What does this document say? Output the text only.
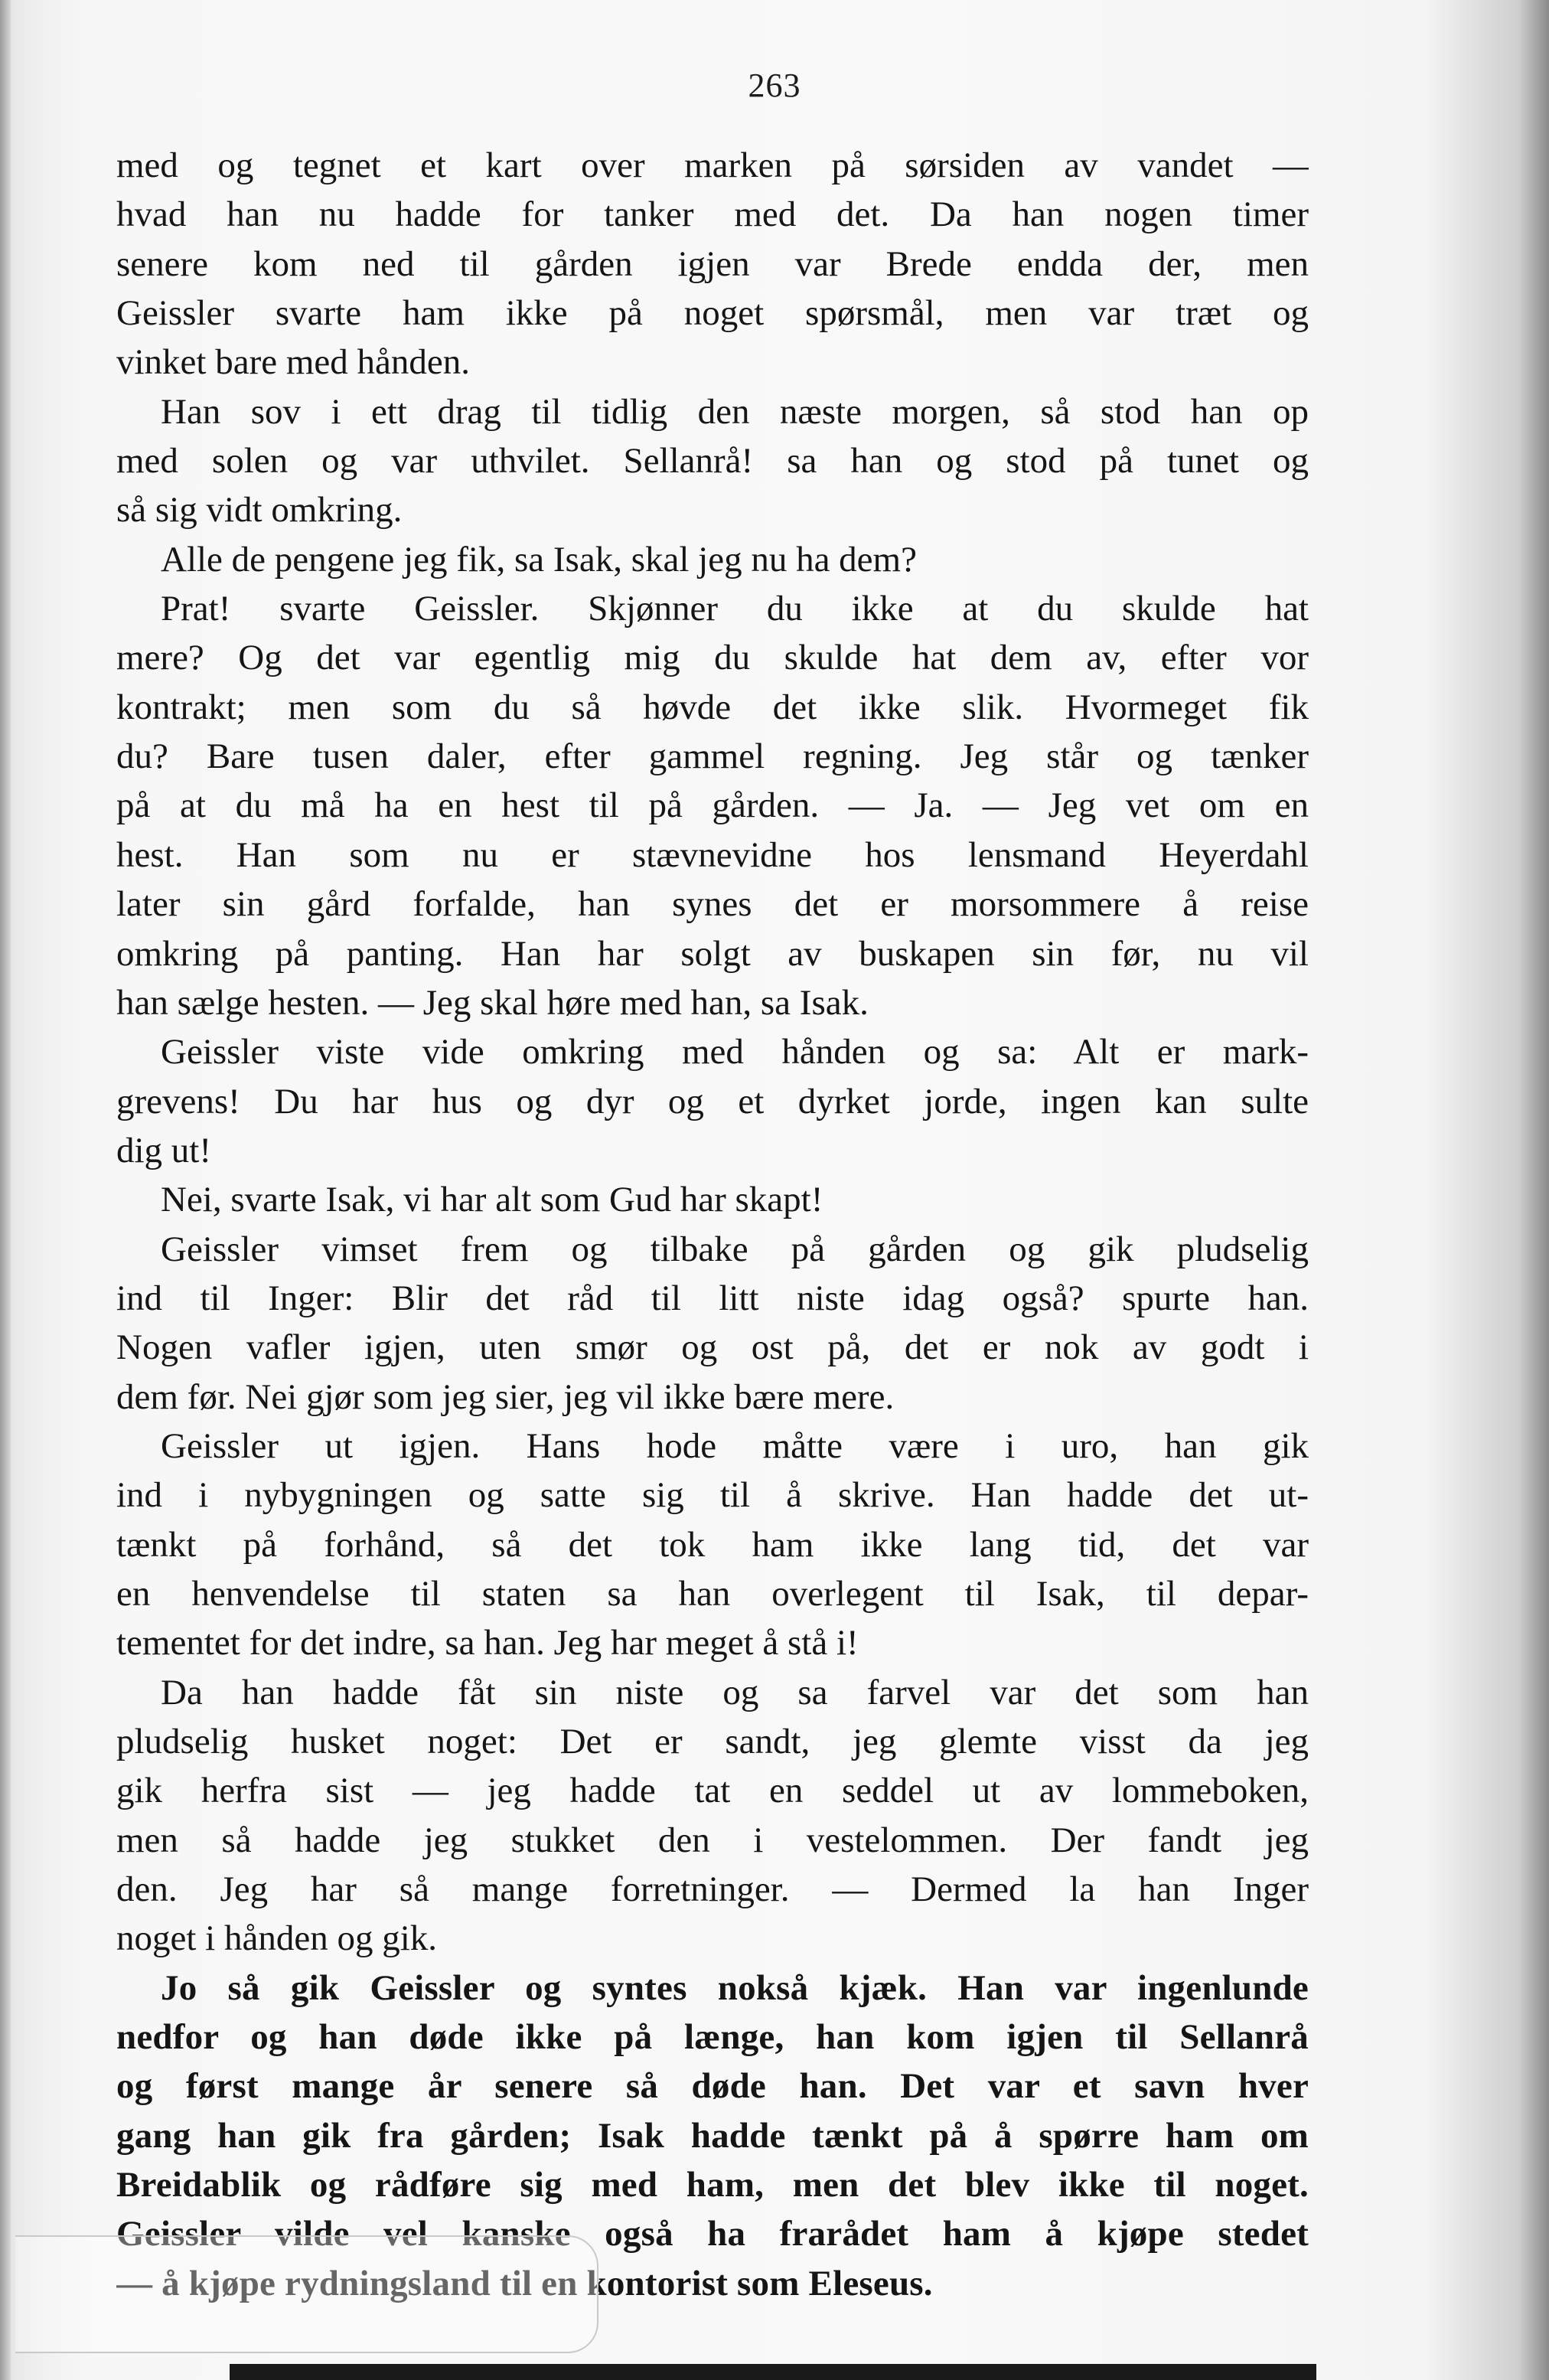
263
med og tegnet et kart over marken på sørsiden av vandet —
hvad han nu hadde for tanker med det. Da han nogen timer
senere kom ned til gården igjen var Brede endda der, men
Geissler svarte ham ikke på noget spørsmål, men var træt og
vinket bare med hånden.
Han sov i ett drag til tidlig den næste morgen, så stod han op
med solen og var uthvilet. Sellanrå! sa han og stod på tunet og
så sig vidt omkring.
Alle de pengene jeg fik, sa Isak, skal jeg nu ha dem?
Prat! svarte Geissler. Skjønner du ikke at du skulde hat
mere? Og det var egentlig mig du skulde hat dem av, efter vor
kontrakt; men som du så høvde det ikke slik. Hvormeget fik
du? Bare tusen daler, efter gammel regning. Jeg står og tænker
på at du må ha en hest til på gården. — Ja. — Jeg vet om en
hest. Han som nu er stævnevidne hos lensmand Heyerdahl
later sin gård forfalde, han synes det er morsommere å reise
omkring på panting. Han har solgt av buskapen sin før, nu vil
han sælge hesten. — Jeg skal høre med han, sa Isak.
Geissler viste vide omkring med hånden og sa: Alt er mark-
grevens! Du har hus og dyr og et dyrket jorde, ingen kan sulte
dig ut!
Nei, svarte Isak, vi har alt som Gud har skapt!
Geissler vimset frem og tilbake på gården og gik pludselig
ind til Inger: Blir det råd til litt niste idag også? spurte han.
Nogen vafler igjen, uten smør og ost på, det er nok av godt i
dem før. Nei gjør som jeg sier, jeg vil ikke bære mere.
Geissler ut igjen. Hans hode måtte være i uro, han gik
ind i nybygningen og satte sig til å skrive. Han hadde det ut-
tænkt på forhånd, så det tok ham ikke lang tid, det var
en henvendelse til staten sa han overlegent til Isak, til depar-
tementet for det indre, sa han. Jeg har meget å stå i!
Da han hadde fåt sin niste og sa farvel var det som han
pludselig husket noget: Det er sandt, jeg glemte visst da jeg
gik herfra sist — jeg hadde tat en seddel ut av lommeboken,
men så hadde jeg stukket den i vestelommen. Der fandt jeg
den. Jeg har så mange forretninger. — Dermed la han Inger
noget i hånden og gik.
Jo så gik Geissler og syntes nokså kjæk. Han var ingenlunde
nedfor og han døde ikke på længe, han kom igjen til Sellanrå
og først mange år senere så døde han. Det var et savn hver
gang han gik fra gården; Isak hadde tænkt på å spørre ham om
Breidablik og rådføre sig med ham, men det blev ikke til noget.
Geissler vilde vel kanske også ha frarådet ham å kjøpe stedet
— å kjøpe rydningsland til en kontorist som Eleseus.
